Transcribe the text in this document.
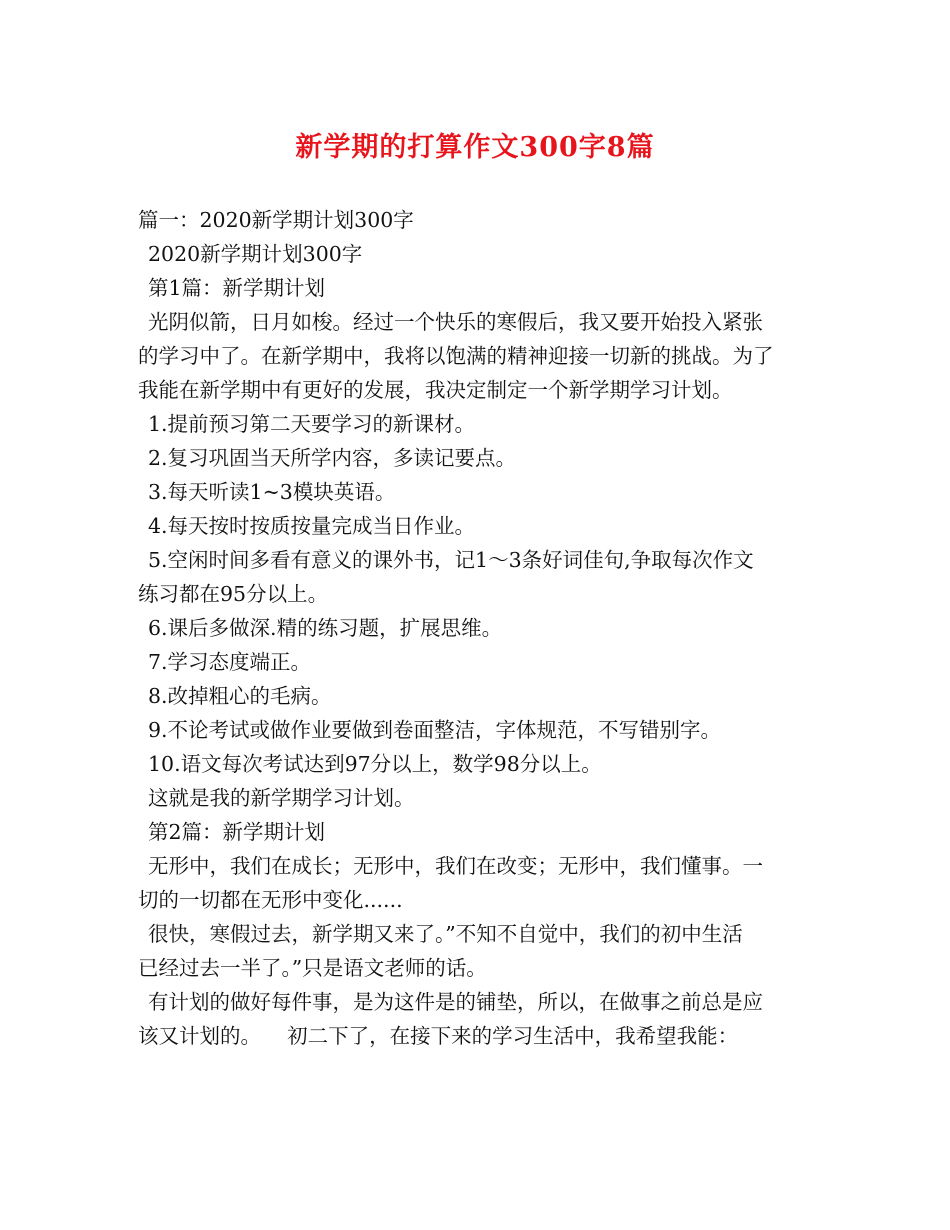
新学期的打算作文300字8篇
篇一：2020新学期计划300字
2020新学期计划300字
第1篇：新学期计划
光阴似箭，日月如梭。经过一个快乐的寒假后，我又要开始投入紧张
的学习中了。在新学期中，我将以饱满的精神迎接一切新的挑战。为了
我能在新学期中有更好的发展，我决定制定一个新学期学习计划。
1.提前预习第二天要学习的新课材。
2.复习巩固当天所学内容，多读记要点。
3.每天听读1~3模块英语。
4.每天按时按质按量完成当日作业。
5.空闲时间多看有意义的课外书，记1～3条好词佳句,争取每次作文
练习都在95分以上。
6.课后多做深.精的练习题，扩展思维。
7.学习态度端正。
8.改掉粗心的毛病。
9.不论考试或做作业要做到卷面整洁，字体规范，不写错别字。
10.语文每次考试达到97分以上，数学98分以上。
这就是我的新学期学习计划。
第2篇：新学期计划
无形中，我们在成长；无形中，我们在改变；无形中，我们懂事。一
切的一切都在无形中变化......
很快，寒假过去，新学期又来了。”不知不自觉中，我们的初中生活
已经过去一半了。”只是语文老师的话。
有计划的做好每件事，是为这件是的铺垫，所以，在做事之前总是应
该又计划的。    初二下了，在接下来的学习生活中，我希望我能：
